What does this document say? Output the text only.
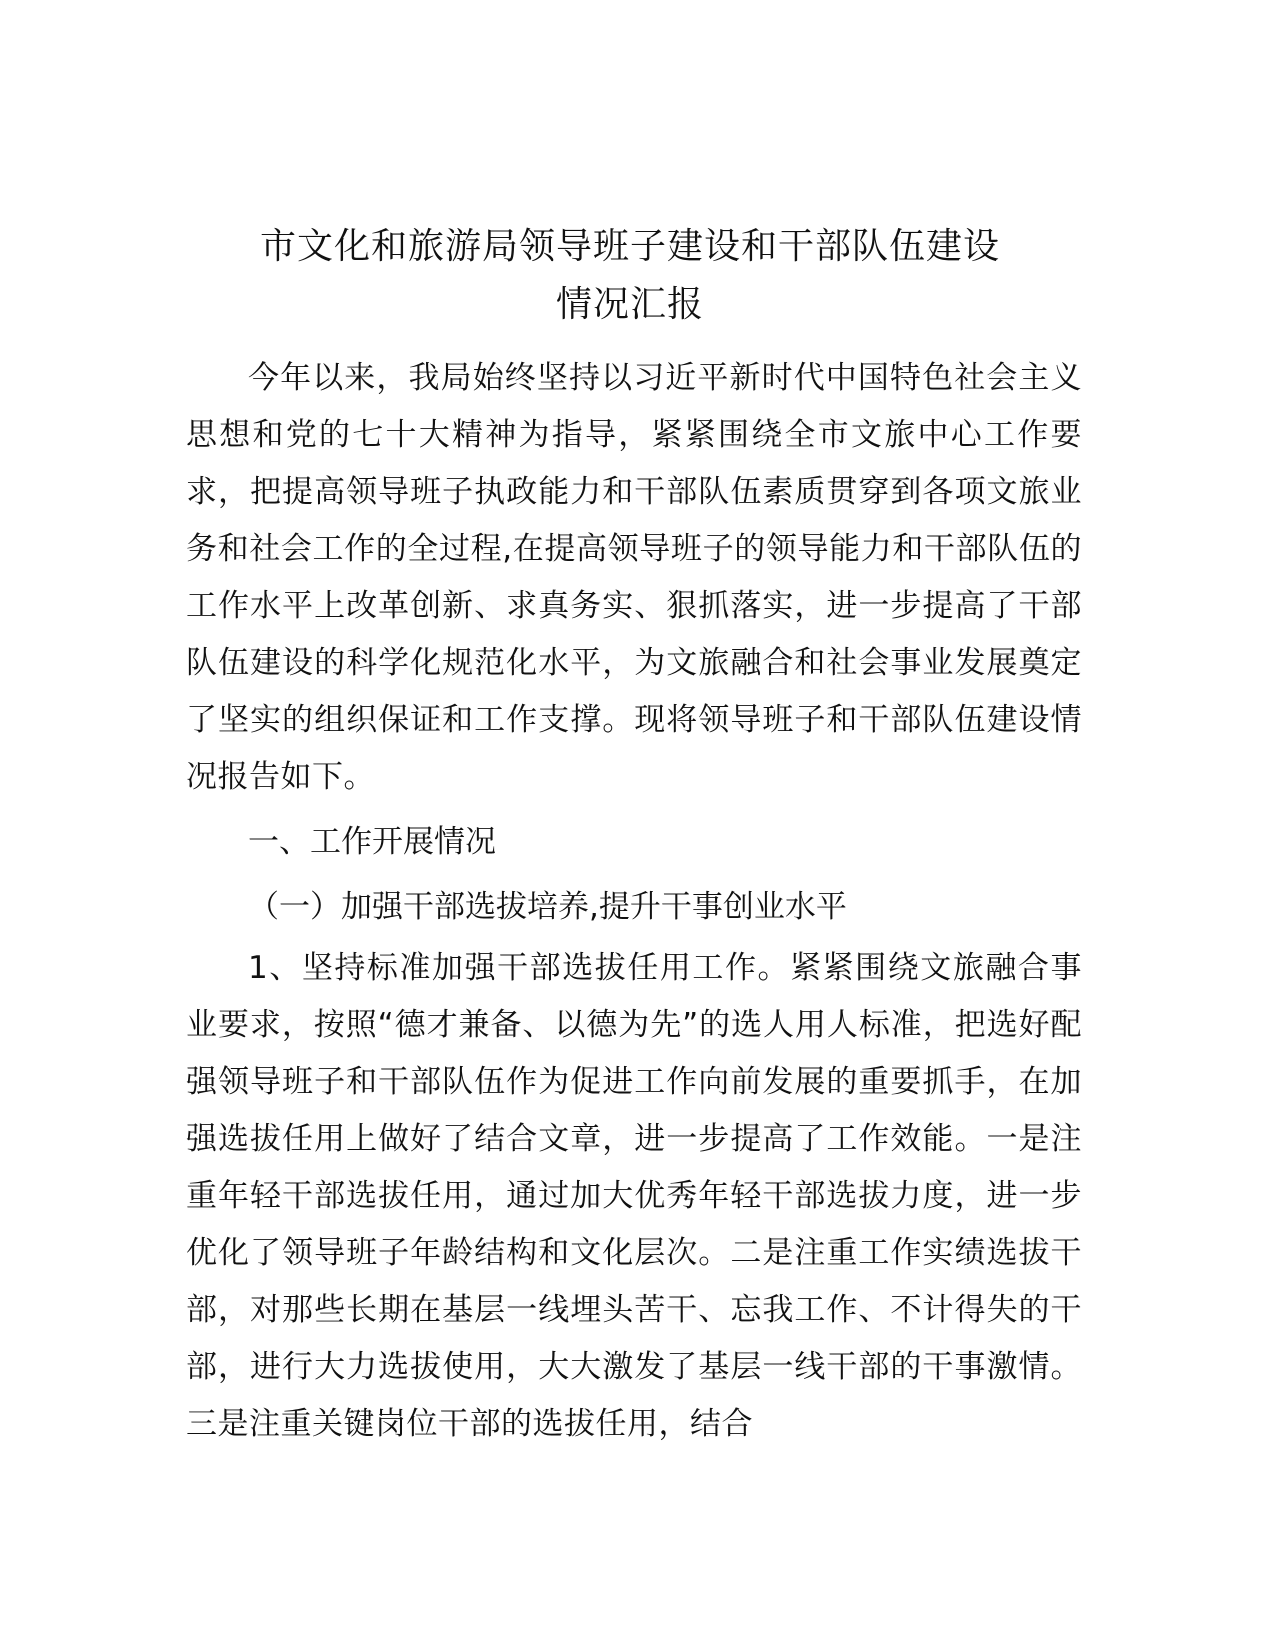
市文化和旅游局领导班子建设和干部队伍建设
情况汇报

今年以来，我局始终坚持以习近平新时代中国特色社会主义思想和党的七十大精神为指导，紧紧围绕全市文旅中心工作要求，把提高领导班子执政能力和干部队伍素质贯穿到各项文旅业务和社会工作的全过程,在提高领导班子的领导能力和干部队伍的工作水平上改革创新、求真务实、狠抓落实，进一步提高了干部队伍建设的科学化规范化水平，为文旅融合和社会事业发展奠定了坚实的组织保证和工作支撑。现将领导班子和干部队伍建设情况报告如下。

一、工作开展情况

（一）加强干部选拔培养,提升干事创业水平

1、坚持标准加强干部选拔任用工作。紧紧围绕文旅融合事业要求，按照“德才兼备、以德为先”的选人用人标准，把选好配强领导班子和干部队伍作为促进工作向前发展的重要抓手，在加强选拔任用上做好了结合文章，进一步提高了工作效能。一是注重年轻干部选拔任用，通过加大优秀年轻干部选拔力度，进一步优化了领导班子年龄结构和文化层次。二是注重工作实绩选拔干部，对那些长期在基层一线埋头苦干、忘我工作、不计得失的干部，进行大力选拔使用，大大激发了基层一线干部的干事激情。三是注重关键岗位干部的选拔任用，结合
